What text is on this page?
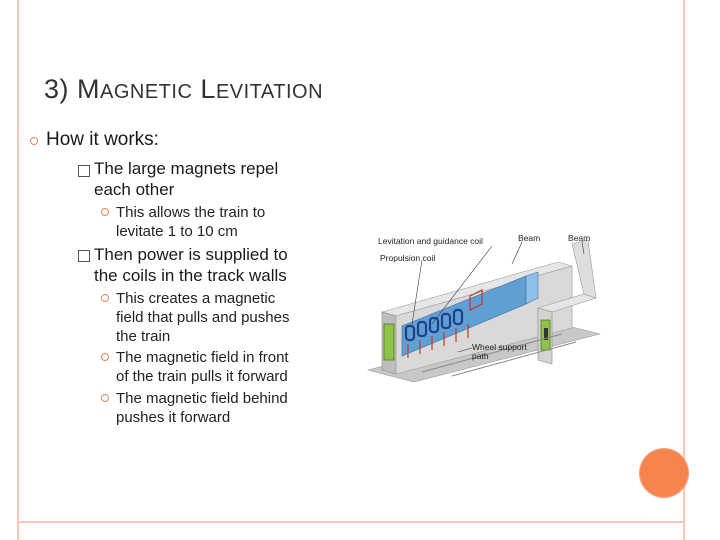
3) MAGNETIC LEVITATION
How it works:
The large magnets repel
each other
This allows the train to
levitate 1 to 10 cm
Then power is supplied to
the coils in the track walls
This creates a magnetic
field that pulls and pushes
the train
The magnetic field in front
of the train pulls it forward
The magnetic field behind
pushes it forward
Levitation and guidance coil	Beam	Beam
Propulsion coil
Wheel support
path
